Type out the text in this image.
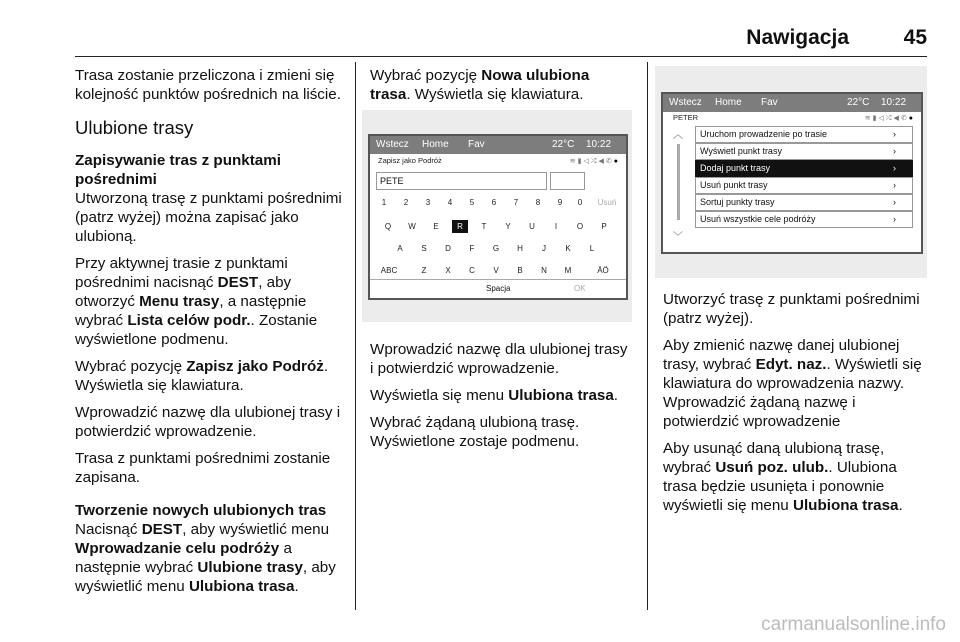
Nawigacja	45

Trasa zostanie przeliczona i zmieni się kolejność punktów pośrednich na liście.

Ulubione trasy
Zapisywanie tras z punktami pośrednimi

Utworzoną trasę z punktami pośrednimi (patrz wyżej) można zapisać jako ulubioną.

Przy aktywnej trasie z punktami pośrednimi nacisnąć DEST, aby otworzyć Menu trasy, a następnie wybrać Lista celów podr.. Zostanie wyświetlone podmenu.

Wybrać pozycję Zapisz jako Podróż. Wyświetla się klawiatura.

Wprowadzić nazwę dla ulubionej trasy i potwierdzić wprowadzenie.

Trasa z punktami pośrednimi zostanie zapisana.

Tworzenie nowych ulubionych tras

Nacisnąć DEST, aby wyświetlić menu Wprowadzanie celu podróży a następnie wybrać Ulubione trasy, aby wyświetlić menu Ulubiona trasa.

Wybrać pozycję Nowa ulubiona trasa. Wyświetla się klawiatura.

Wstecz Home Fav	22°C 10:22
Zapisz jako Podróż	≋▮◁⤮◀✆●
PETE
1	2	3	4	5	6	7	8	9	0	Usuń
Q	W	E	R	T	Y	U	I	O	P
A	S	D	F	G	H	J	K	L
ABC	Z	X	C	V	B	N	M	ÄÖ
Spacja	OK

Wprowadzić nazwę dla ulubionej trasy i potwierdzić wprowadzenie.

Wyświetla się menu Ulubiona trasa.

Wybrać żądaną ulubioną trasę. Wyświetlone zostaje podmenu.

Wstecz Home Fav	22°C 10:22
PETER	≋▮◁⤮◀✆●
︿
﹀
Uruchom prowadzenie po trasie	›
Wyświetl punkt trasy	›
Dodaj punkt trasy	›
Usuń punkt trasy	›
Sortuj punkty trasy	›
Usuń wszystkie cele podróży	›

Utworzyć trasę z punktami pośrednimi (patrz wyżej).

Aby zmienić nazwę danej ulubionej trasy, wybrać Edyt. naz.. Wyświetli się klawiatura do wprowadzenia nazwy. Wprowadzić żądaną nazwę i potwierdzić wprowadzenie

Aby usunąć daną ulubioną trasę, wybrać Usuń poz. ulub.. Ulubiona trasa będzie usunięta i ponownie wyświetli się menu Ulubiona trasa.

carmanualsonline.info
